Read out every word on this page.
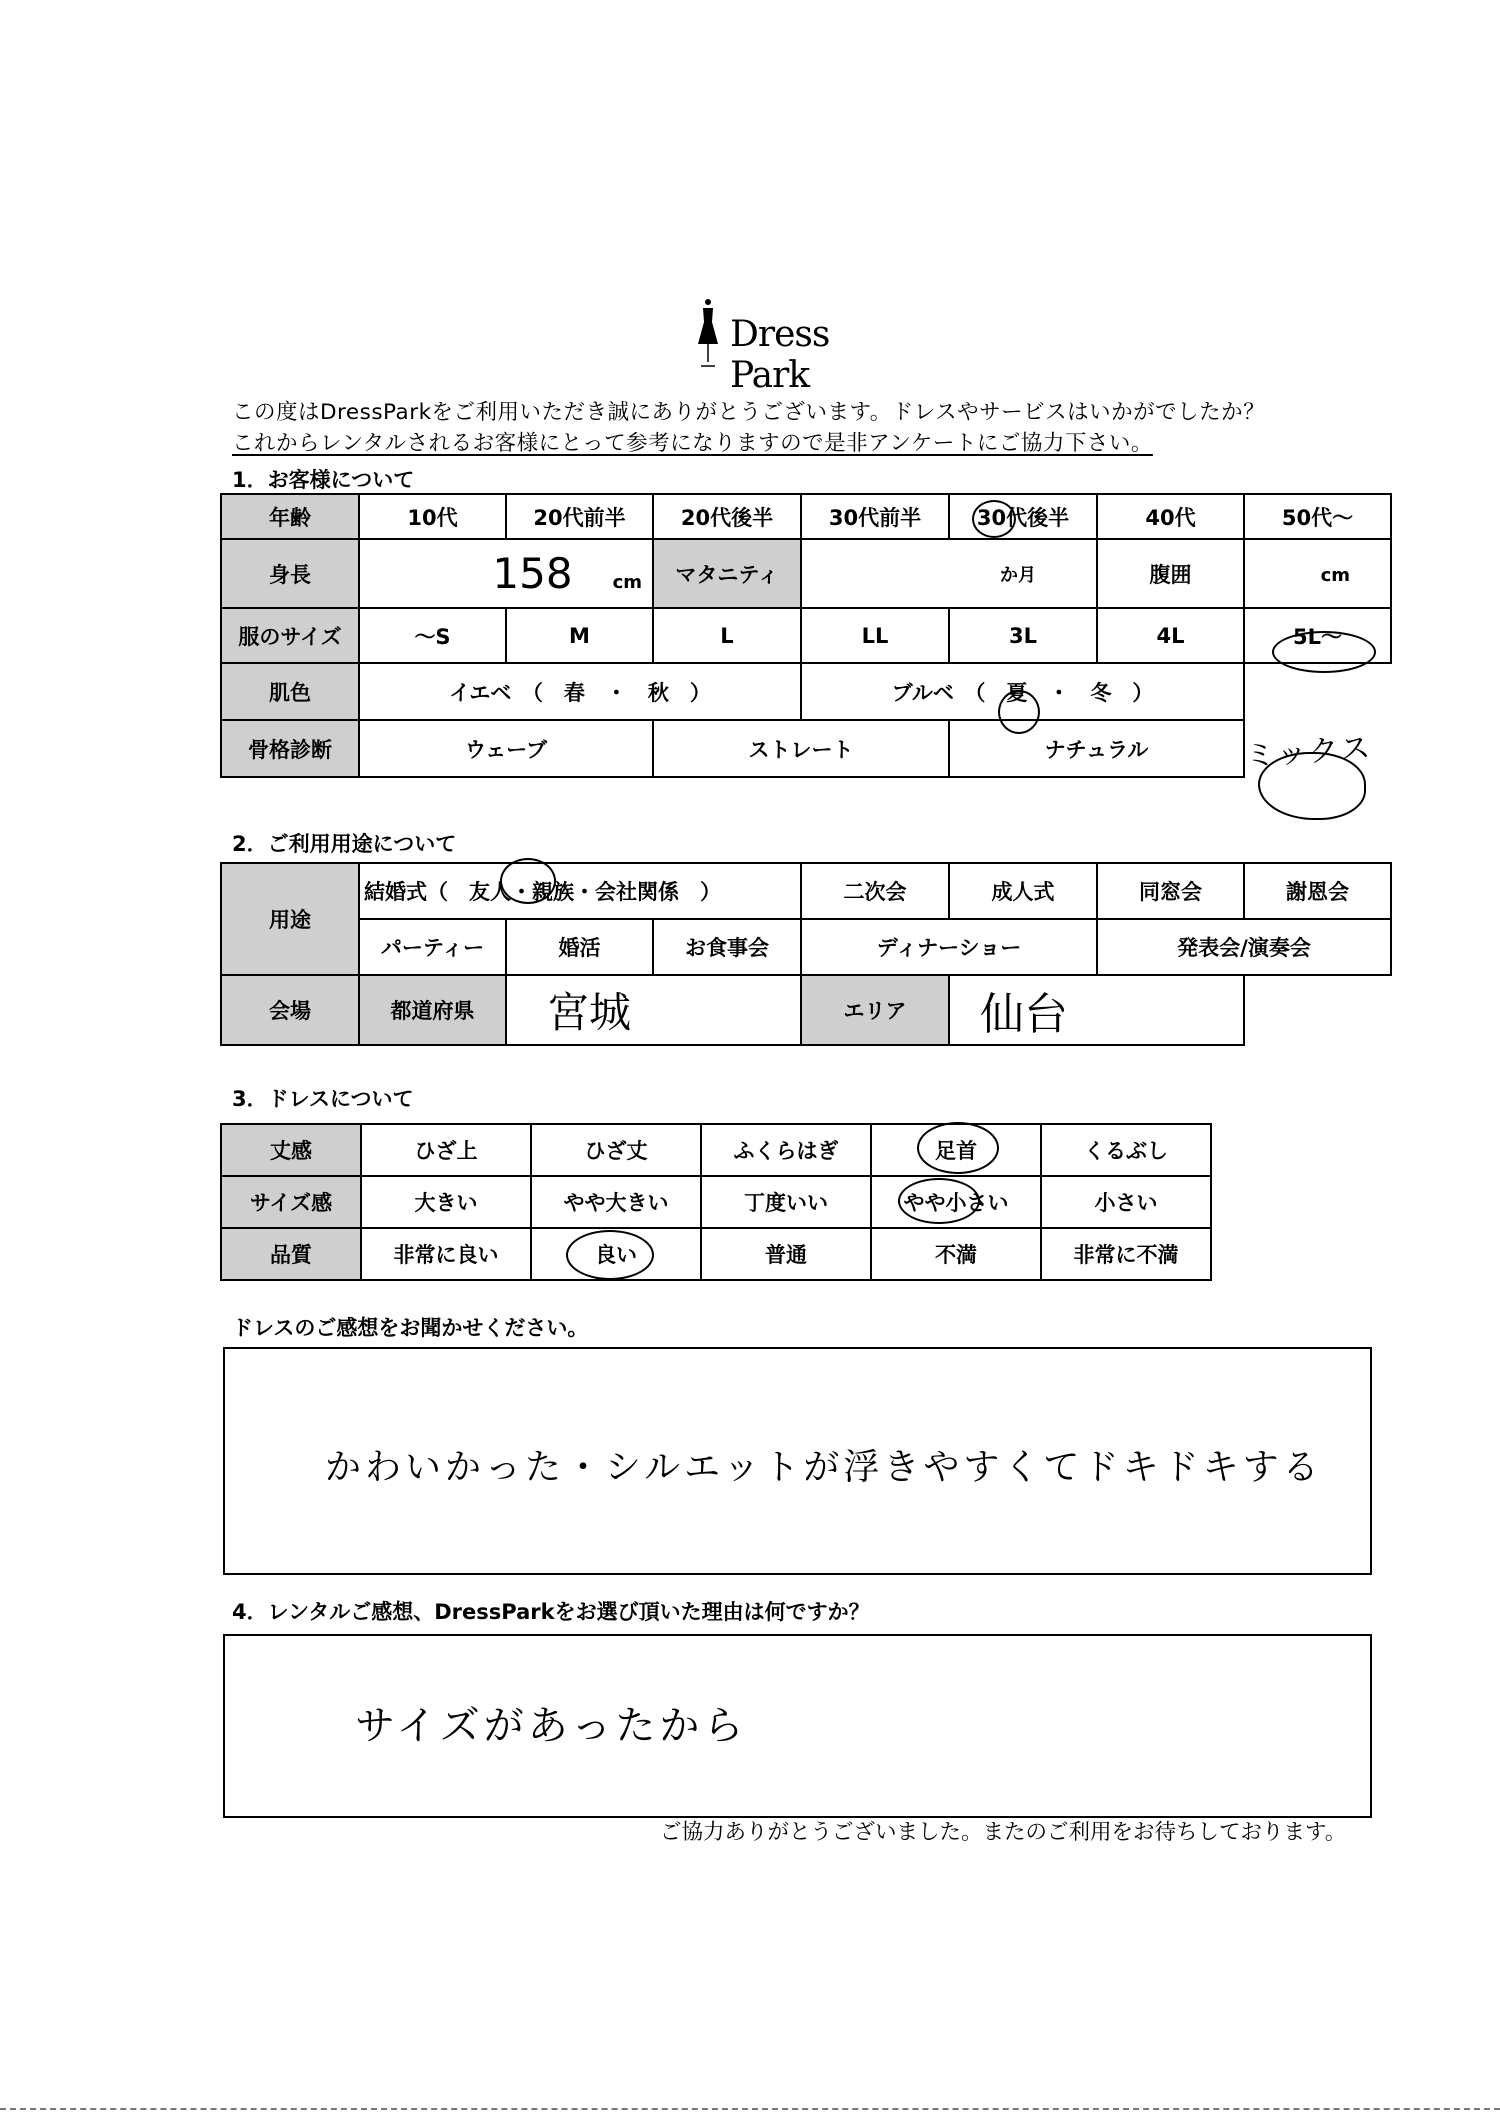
Dress Park
この度はDressParkをご利用いただき誠にありがとうございます。ドレスやサービスはいかがでしたか？
これからレンタルされるお客様にとって参考になりますので是非アンケートにご協力下さい。
1．お客様について
年齢	10代	20代前半	20代後半	30代前半	30代後半	40代	50代～
身長	158 cm		マタニティ	か月		腹囲	cm
服のサイズ	～S	M	L	LL	3L	4L	5L～
肌色	イエベ　（　春　・　秋　）			ブルベ　（　夏　・　冬　）			
骨格診断	ウェーブ		ストレート		ナチュラル		ミックス
2．ご利用用途について
用途	結婚式（　友人・親族・会社関係　）			二次会	成人式	同窓会	謝恩会
	パーティー	婚活	お食事会	ディナーショー		発表会/演奏会	
会場	都道府県	宮城		エリア	仙台		
3．ドレスについて
丈感	ひざ上	ひざ丈	ふくらはぎ	足首	くるぶし
サイズ感	大きい	やや大きい	丁度いい	やや小さい	小さい
品質	非常に良い	良い	普通	不満	非常に不満
ドレスのご感想をお聞かせください。
かわいかった・シルエットが浮きやすくてドキドキする
4．レンタルご感想、DressParkをお選び頂いた理由は何ですか？
サイズがあったから
ご協力ありがとうございました。またのご利用をお待ちしております。
